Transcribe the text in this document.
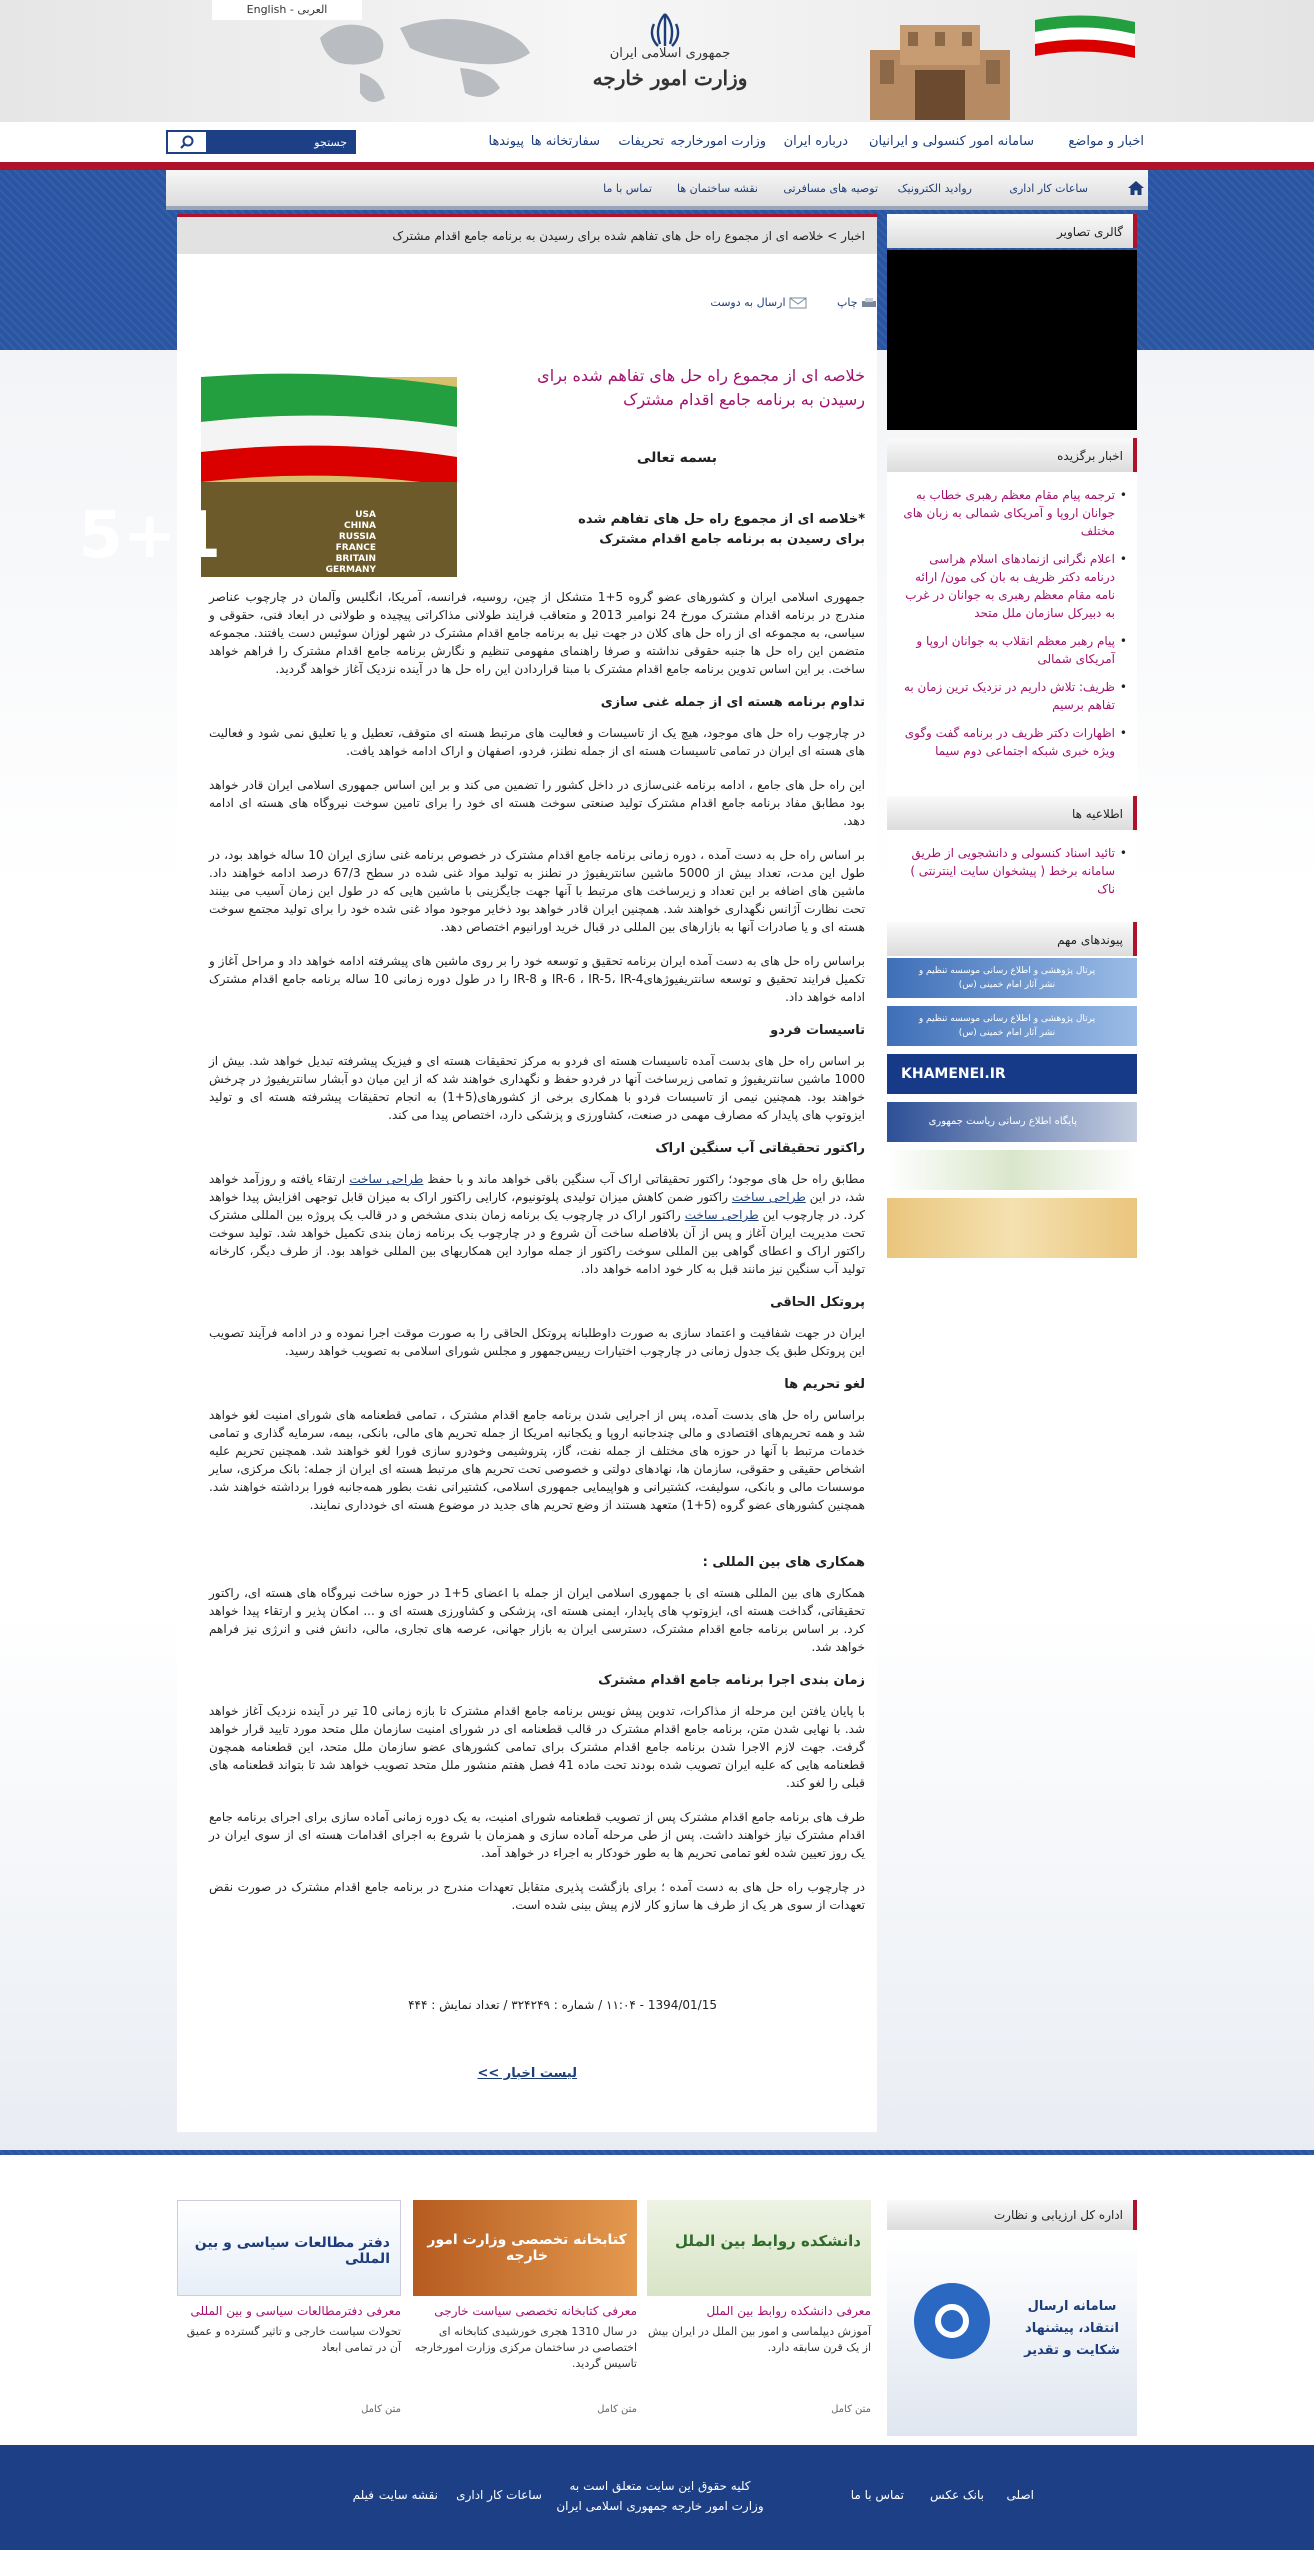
العربی - English
جمهوری اسلامی ایران
وزارت امور خارجه
اخبار و مواضع
سامانه امور کنسولی و ایرانیان
درباره ایران
وزارت امورخارجه
تحریفات
سفارتخانه ها
پیوندها
جستجو
ساعات کار اداری
روادید الکترونیک
توصیه های مسافرتی
نقشه ساختمان ها
تماس با ما
اخبار > خلاصه ای از مجموع راه حل های تفاهم شده برای رسیدن به برنامه جامع اقدام مشترک
چاپ
ارسال به دوست
خلاصه ای از مجموع راه حل های تفاهم شده برای رسیدن به برنامه جامع اقدام مشترک
5+1	USA
CHINA
RUSSIA
FRANCE
BRITAIN
GERMANY
بسمه تعالی
*خلاصه ای از مجموع راه حل های تفاهم شده برای رسیدن به برنامه جامع اقدام مشترک

جمهوری اسلامی ایران و کشورهای عضو گروه 5+1 متشکل از چین، روسیه، فرانسه، آمریکا، انگلیس وآلمان در چارچوب عناصر مندرج در برنامه اقدام مشترک مورخ 24 نوامبر 2013 و متعاقب فرایند طولانی مذاکراتی پیچیده و طولانی در ابعاد فنی، حقوقی و سیاسی، به مجموعه ای از راه حل های کلان در جهت نیل به برنامه جامع اقدام مشترک در شهر لوزان سوئیس دست یافتند. مجموعه متضمن این راه حل ها جنبه حقوقی نداشته و صرفا راهنمای مفهومی تنظیم و نگارش برنامه جامع اقدام مشترک را فراهم خواهد ساخت. بر این اساس تدوین برنامه جامع اقدام مشترک با مبنا قراردادن این راه حل ها در آینده نزدیک آغاز خواهد گردید.

تداوم برنامه هسته ای از جمله غنی سازی

در چارچوب راه حل های موجود، هیچ یک از تاسیسات و فعالیت های مرتبط هسته ای متوقف، تعطیل و یا تعلیق نمی شود و فعالیت های هسته ای ایران در تمامی تاسیسات هسته ای از جمله نطنز، فردو، اصفهان و اراک ادامه خواهد یافت.

این راه حل های جامع ، ادامه برنامه غنی‌سازی در داخل کشور را تضمین می کند و بر این اساس جمهوری اسلامی ایران قادر خواهد بود مطابق مفاد برنامه جامع اقدام مشترک تولید صنعتی سوخت هسته ای خود را برای تامین سوخت نیروگاه های هسته ای ادامه دهد.

بر اساس راه حل به دست آمده ، دوره زمانی برنامه جامع اقدام مشترک در خصوص برنامه غنی سازی ایران 10 ساله خواهد بود، در طول این مدت، تعداد بیش از 5000 ماشین سانتریفیوژ در نطنز به تولید مواد غنی شده در سطح 67/3 درصد ادامه خواهند داد. ماشین های اضافه بر این تعداد و زیرساخت های مرتبط با آنها جهت جایگزینی با ماشین هایی که در طول این زمان آسیب می بینند تحت نظارت آژانس نگهداری خواهند شد. همچنین ایران قادر خواهد بود ذخایر موجود مواد غنی شده خود را برای تولید مجتمع سوخت هسته ای و یا صادرات آنها به بازارهای بین المللی در قبال خرید اورانیوم اختصاص دهد.

براساس راه حل های به دست آمده ایران برنامه تحقیق و توسعه خود را بر روی ماشین های پیشرفته ادامه خواهد داد و مراحل آغاز و تکمیل فرایند تحقیق و توسعه سانتریفیوژهایIR-6 ، IR-5، IR-4 و IR-8 را در طول دوره زمانی 10 ساله برنامه جامع اقدام مشترک ادامه خواهد داد.

تاسیسات فردو

بر اساس راه حل های بدست آمده تاسیسات هسته ای فردو به مرکز تحقیقات هسته ای و فیزیک پیشرفته تبدیل خواهد شد. بیش از 1000 ماشین سانتریفیوژ و تمامی زیرساخت آنها در فردو حفظ و نگهداری خواهند شد که از این میان دو آبشار سانتریفیوژ در چرخش خواهند بود. همچنین نیمی از تاسیسات فردو با همکاری برخی از کشورهای(5+1) به انجام تحقیقات پیشرفته هسته ای و تولید ایزوتوپ های پایدار که مصارف مهمی در صنعت، کشاورزی و پزشکی دارد، اختصاص پیدا می کند.

راکتور تحقیقاتی آب سنگین اراک

مطابق راه حل های موجود؛ راکتور تحقیقاتی اراک آب سنگین باقی خواهد ماند و با حفظ طراحی ساخت ارتقاء یافته و روزآمد خواهد شد، در این طراحی ساخت راکتور ضمن کاهش میزان تولیدی پلوتونیوم، کارایی راکتور اراک به میزان قابل توجهی افزایش پیدا خواهد کرد. در چارچوب این طراحی ساخت راکتور اراک در چارچوب یک برنامه زمان بندی مشخص و در قالب یک پروژه بین المللی مشترک تحت مدیریت ایران آغاز و پس از آن بلافاصله ساخت آن شروع و در چارچوب یک برنامه زمان بندی تکمیل خواهد شد. تولید سوخت راکتور اراک و اعطای گواهی بین المللی سوخت راکتور از جمله موارد این همکاریهای بین المللی خواهد بود. از طرف دیگر، کارخانه تولید آب سنگین نیز مانند قبل به کار خود ادامه خواهد داد.

پروتکل الحاقی

ایران در جهت شفافیت و اعتماد سازی به صورت داوطلبانه پروتکل الحاقی را به صورت موقت اجرا نموده و در ادامه فرآیند تصویب این پروتکل طبق یک جدول زمانی در چارچوب اختیارات رییس‌جمهور و مجلس شورای اسلامی به تصویب خواهد رسید.

لغو تحریم ها

براساس راه حل های بدست آمده، پس از اجرایی شدن برنامه جامع اقدام مشترک ، تمامی قطعنامه های شورای امنیت لغو خواهد شد و همه تحریم‌های اقتصادی و مالی چندجانبه اروپا و یکجانبه امریکا از جمله تحریم های مالی، بانکی، بیمه، سرمایه گذاری و تمامی خدمات مرتبط با آنها در حوزه های مختلف از جمله نفت، گاز، پتروشیمی وخودرو سازی فورا لغو خواهند شد. همچنین تحریم علیه اشخاص حقیقی و حقوقی، سازمان ها، نهادهای دولتی و خصوصی تحت تحریم های مرتبط هسته ای ایران از جمله: بانک مرکزی، سایر موسسات مالی و بانکی، سولیفت، کشتیرانی و هواپیمایی جمهوری اسلامی، کشتیرانی نفت بطور همه‌جانبه فورا برداشته خواهند شد. همچنین کشورهای عضو گروه (5+1) متعهد هستند از وضع تحریم های جدید در موضوع هسته ای خودداری نمایند.

همکاری های بین المللی :

همکاری های بین المللی هسته ای با جمهوری اسلامی ایران از جمله با اعضای 5+1 در حوزه ساخت نیروگاه های هسته ای، راکتور تحقیقاتی، گداخت هسته ای، ایزوتوپ های پایدار، ایمنی هسته ای، پزشکی و کشاورزی هسته ای و ... امکان پذیر و ارتقاء پیدا خواهد کرد. بر اساس برنامه جامع اقدام مشترک، دسترسی ایران به بازار جهانی، عرصه های تجاری، مالی، دانش فنی و انرژی نیز فراهم خواهد شد.

زمان بندی اجرا برنامه جامع اقدام مشترک

با پایان یافتن این مرحله از مذاکرات، تدوین پیش نویس برنامه جامع اقدام مشترک تا بازه زمانی 10 تیر در آینده نزدیک آغاز خواهد شد. با نهایی شدن متن، برنامه جامع اقدام مشترک در قالب قطعنامه ای در شورای امنیت سازمان ملل متحد مورد تایید قرار خواهد گرفت. جهت لازم الاجرا شدن برنامه جامع اقدام مشترک برای تمامی کشورهای عضو سازمان ملل متحد، این قطعنامه همچون قطعنامه هایی که علیه ایران تصویب شده بودند تحت ماده 41 فصل هفتم منشور ملل متحد تصویب خواهد شد تا بتواند قطعنامه های قبلی را لغو کند.

طرف های برنامه جامع اقدام مشترک پس از تصویب قطعنامه شورای امنیت، به یک دوره زمانی آماده سازی برای اجرای برنامه جامع اقدام مشترک نیاز خواهند داشت. پس از طی مرحله آماده سازی و همزمان با شروع به اجرای اقدامات هسته ای از سوی ایران در یک روز تعیین شده لغو تمامی تحریم ها به طور خودکار به اجراء در خواهد آمد.

در چارچوب راه حل های به دست آمده ؛ برای بازگشت پذیری متقابل تعهدات مندرج در برنامه جامع اقدام مشترک در صورت نقض تعهدات از سوی هر یک از طرف ها سازو کار لازم پیش بینی شده است.

1394/01/15 - ۱۱:۰۴ / شماره : ۳۲۴۲۴۹ / تعداد نمایش : ۴۴۴
لیست اخبار >>
گالری تصاویر
اخبار برگزیده
• ترجمه پیام مقام معظم رهبری خطاب به جوانان اروپا و آمریکای شمالی به زبان های مختلف
• اعلام نگرانی ازنمادهای اسلام هراسی درنامه دکتر ظریف به بان کی مون/ ارائه نامه مقام معظم رهبری به جوانان در غرب به دبیرکل سازمان ملل متحد
• پیام رهبر معظم انقلاب به جوانان اروپا و آمریکای شمالی
• ظریف: تلاش داریم در نزدیک ترین زمان به تفاهم برسیم
• اظهارات دکتر ظریف در برنامه گفت وگوی ویژه خبری شبکه اجتماعی دوم سیما
اطلاعیه ها
• تائید اسناد کنسولی و دانشجویی از طریق سامانه برخط ( پیشخوان سایت اینترنتی ) ناک
پیوندهای مهم
پرتال پژوهشی و اطلاع رسانی موسسه تنظیم و نشر آثار امام خمینی (س)
پرتال پژوهشی و اطلاع رسانی موسسه تنظیم و نشر آثار امام خمینی (س)
KHAMENEI.IR
پایگاه اطلاع رسانی ریاست جمهوری
اداره کل ارزیابی و نظارت
سامانه ارسال انتقاد، پیشنهاد شکایت و تقدیر
دانشکده روابط بین الملل
معرفی دانشکده روابط بین الملل
آموزش دیپلماسی و امور بین الملل در ایران بیش از یک قرن سابقه دارد.
متن کامل
کتابخانه تخصصی وزارت امور خارجه
معرفی کتابخانه تخصصی سیاست خارجی
در سال 1310 هجری خورشیدی کتابخانه ای اختصاصی در ساختمان مرکزی وزارت امورخارجه تاسیس گردید.
متن کامل
دفتر مطالعات سیاسی و بین المللی
معرفی دفترمطالعات سیاسی و بین المللی
تحولات سیاست خارجی و تاثیر گسترده و عمیق آن در تمامی ابعاد
متن کامل
کلیه حقوق این سایت متعلق است به
وزارت امور خارجه جمهوری اسلامی ایران
اصلی
بانک عکس
تماس با ما
ساعات کار اداری
نقشه سایت
فیلم
